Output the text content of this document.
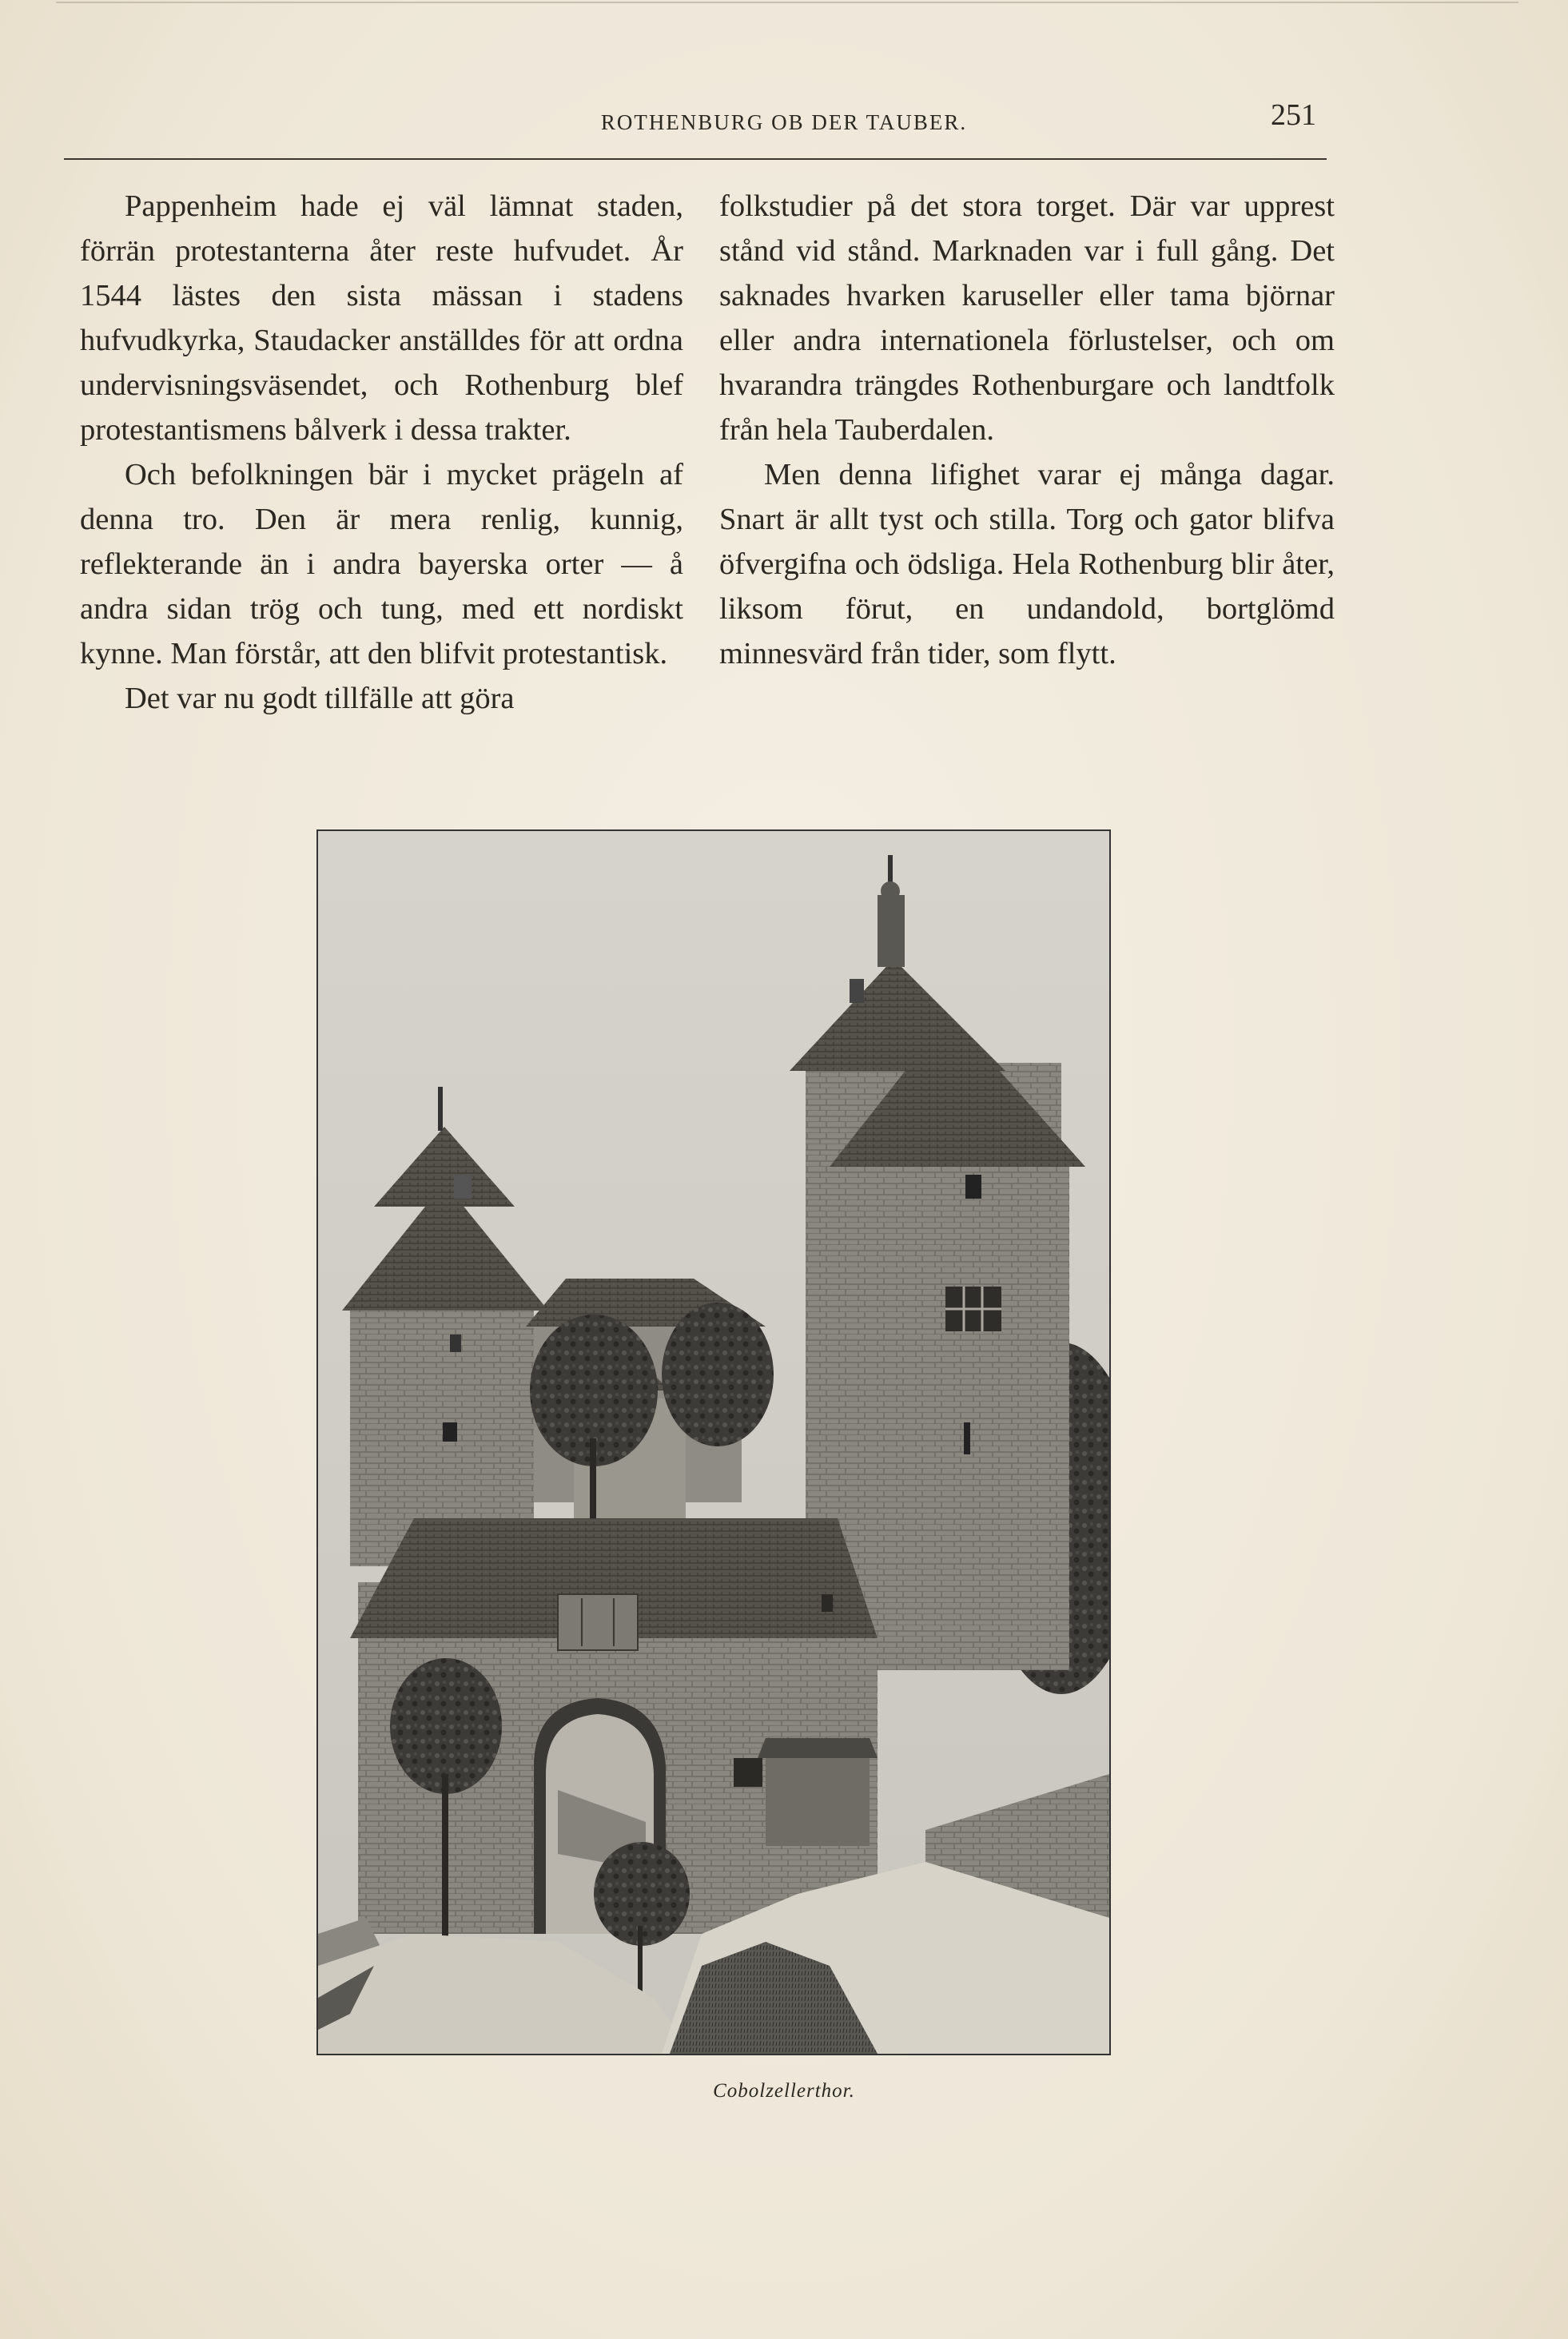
ROTHENBURG OB DER TAUBER.	251

Pappenheim hade ej väl lämnat staden, förrän protestanterna åter reste hufvudet. År 1544 lästes den sista mässan i stadens hufvudkyrka, Staudacker anställdes för att ordna undervisningsväsendet, och Rothenburg blef protestantismens bålverk i dessa trakter.

Och befolkningen bär i mycket prägeln af denna tro. Den är mera renlig, kunnig, reflekterande än i andra bayerska orter — å andra sidan trög och tung, med ett nordiskt kynne. Man förstår, att den blifvit protestantisk.

Det var nu godt tillfälle att göra

folkstudier på det stora torget. Där var upprest stånd vid stånd. Marknaden var i full gång. Det saknades hvarken karuseller eller tama björnar eller andra internationela förlustelser, och om hvarandra trängdes Rothenburgare och landtfolk från hela Tauberdalen.

Men denna lifighet varar ej många dagar. Snart är allt tyst och stilla. Torg och gator blifva öfvergifna och ödsliga. Hela Rothenburg blir åter, liksom förut, en undandold, bortglömd minnesvärd från tider, som flytt.

Cobolzellerthor.
